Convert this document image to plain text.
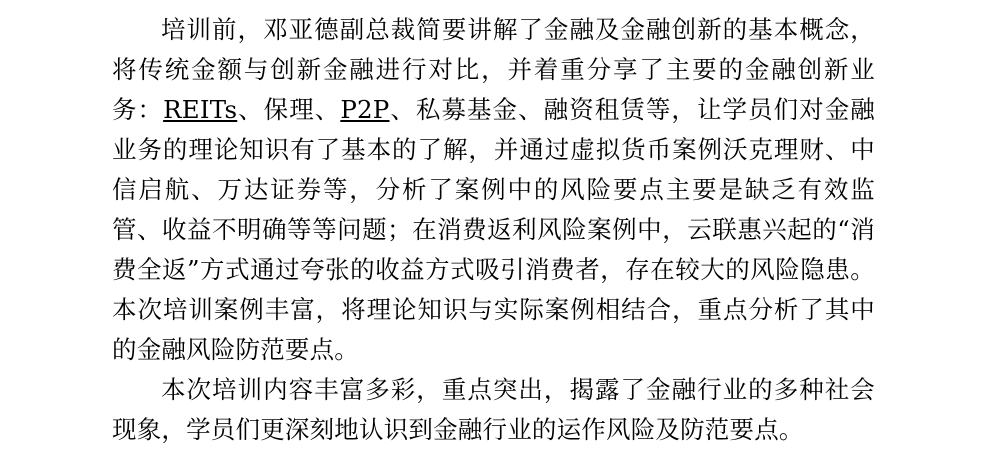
培训前，邓亚德副总裁简要讲解了金融及金融创新的基本概念，将传统金额与创新金融进行对比，并着重分享了主要的金融创新业务：REITs、保理、P2P、私募基金、融资租赁等，让学员们对金融业务的理论知识有了基本的了解，并通过虚拟货币案例沃克理财、中信启航、万达证券等，分析了案例中的风险要点主要是缺乏有效监管、收益不明确等等问题；在消费返利风险案例中，云联惠兴起的“消费全返”方式通过夸张的收益方式吸引消费者，存在较大的风险隐患。本次培训案例丰富，将理论知识与实际案例相结合，重点分析了其中的金融风险防范要点。

本次培训内容丰富多彩，重点突出，揭露了金融行业的多种社会现象，学员们更深刻地认识到金融行业的运作风险及防范要点。
